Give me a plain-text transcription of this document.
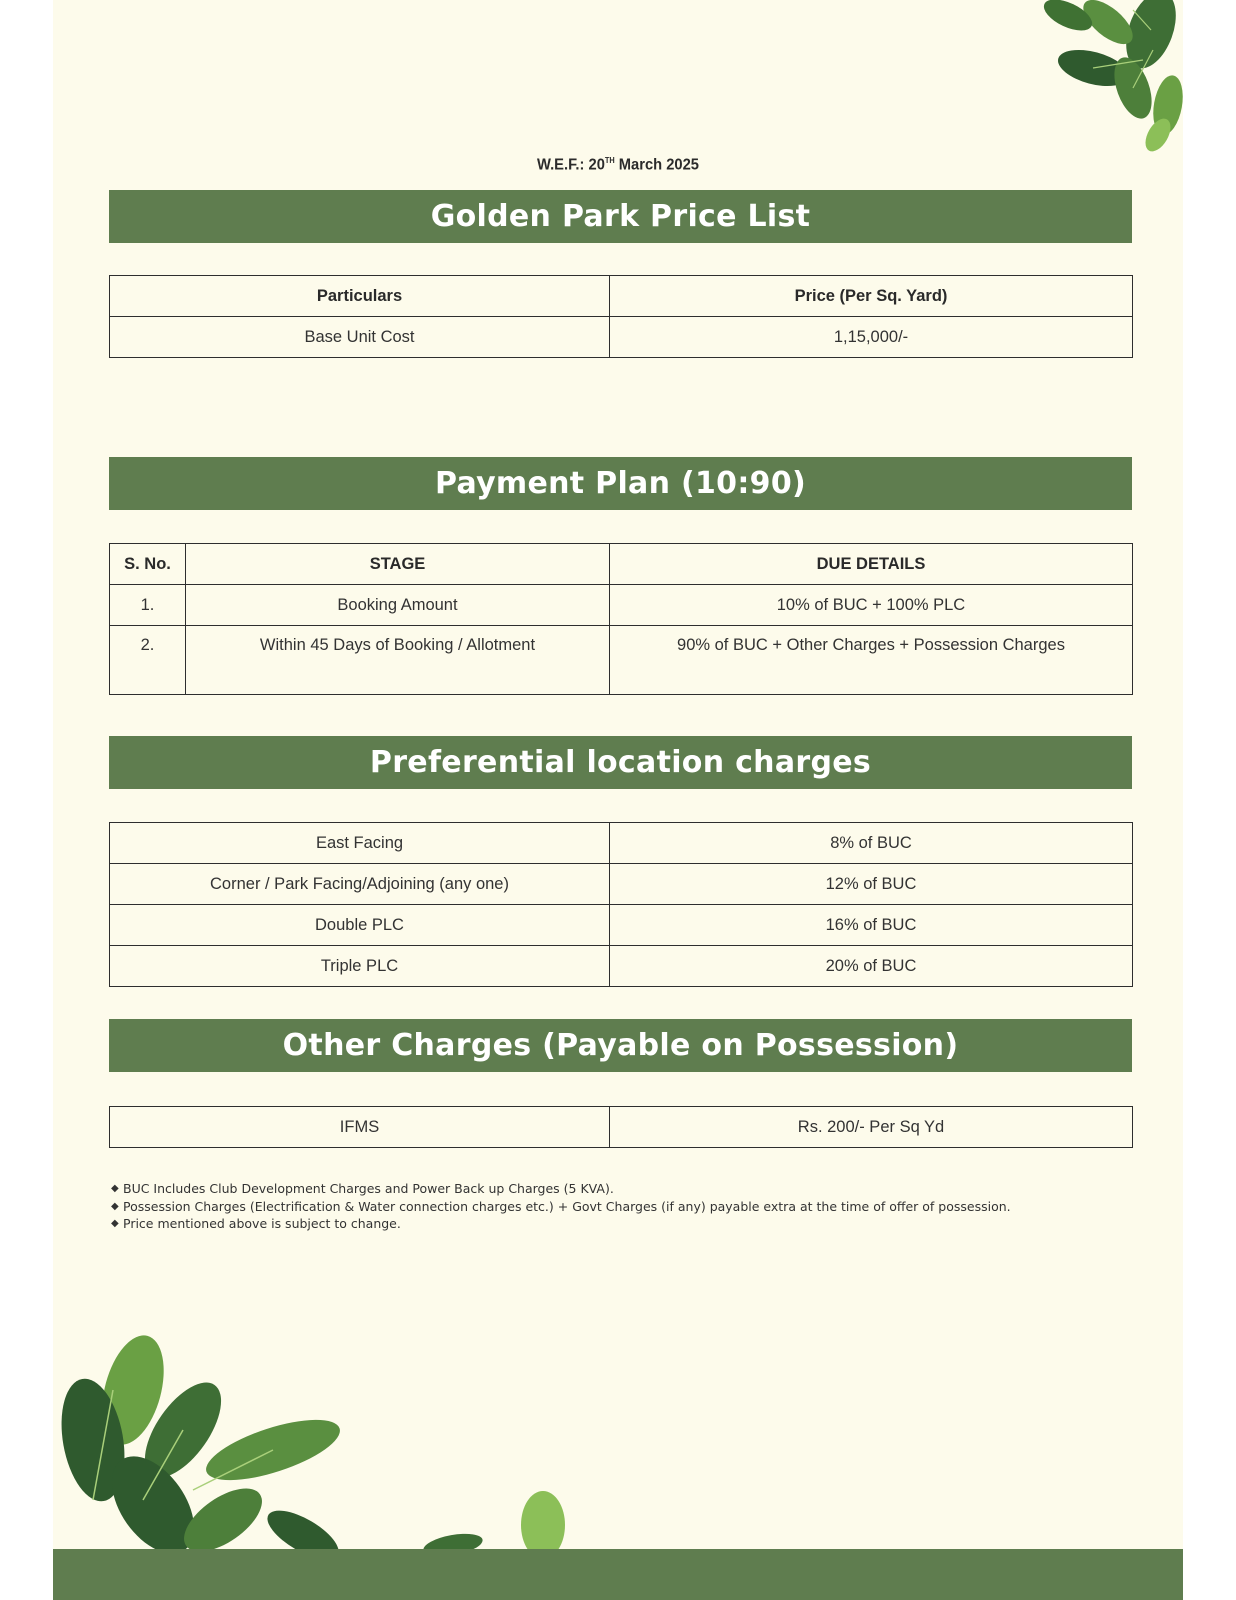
W.E.F.: 20TH March 2025
Golden Park Price List
Particulars	Price (Per Sq. Yard)
Base Unit Cost	1,15,000/-
Payment Plan (10:90)
S. No.	STAGE	DUE DETAILS
1.	Booking Amount	10% of BUC + 100% PLC
2.	Within 45 Days of Booking / Allotment	90% of BUC + Other Charges + Possession Charges
Preferential location charges
East Facing	8% of BUC
Corner / Park Facing/Adjoining (any one)	12% of BUC
Double PLC	16% of BUC
Triple PLC	20% of BUC
Other Charges (Payable on Possession)
IFMS	Rs. 200/- Per Sq Yd
◆ BUC Includes Club Development Charges and Power Back up Charges (5 KVA).
◆ Possession Charges (Electrification & Water connection charges etc.) + Govt Charges (if any) payable extra at the time of offer of possession.
◆ Price mentioned above is subject to change.
